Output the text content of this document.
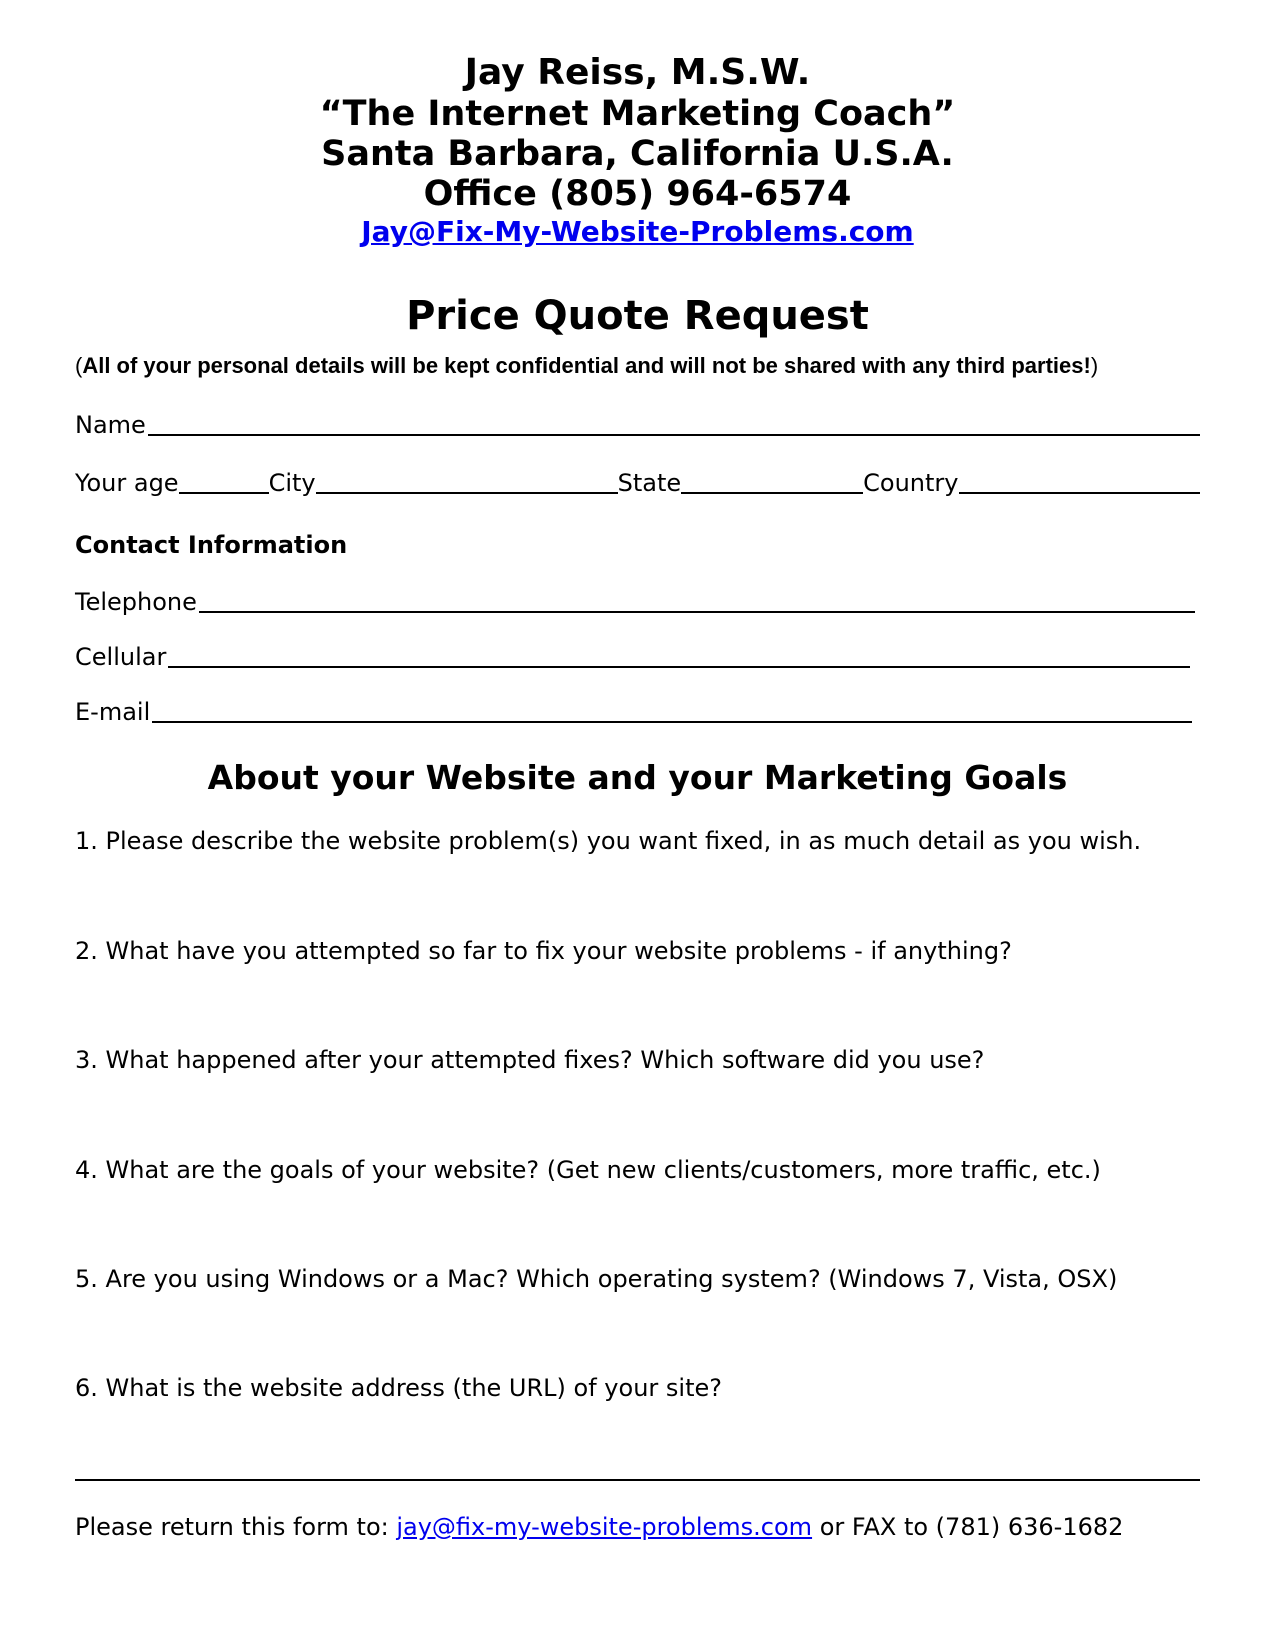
Jay Reiss, M.S.W.
“The Internet Marketing Coach”
Santa Barbara, California U.S.A.
Office (805) 964-6574
Jay@Fix-My-Website-Problems.com
Price Quote Request
(All of your personal details will be kept confidential and will not be shared with any third parties!)
Name
Your age	City	State	Country
Contact Information
Telephone
Cellular
E-mail
About your Website and your Marketing Goals
1. Please describe the website problem(s) you want fixed, in as much detail as you wish.
2. What have you attempted so far to fix your website problems - if anything?
3. What happened after your attempted fixes? Which software did you use?
4. What are the goals of your website? (Get new clients/customers, more traffic, etc.)
5. Are you using Windows or a Mac? Which operating system? (Windows 7, Vista, OSX)
6. What is the website address (the URL) of your site?
Please return this form to: jay@fix-my-website-problems.com or FAX to (781) 636-1682
